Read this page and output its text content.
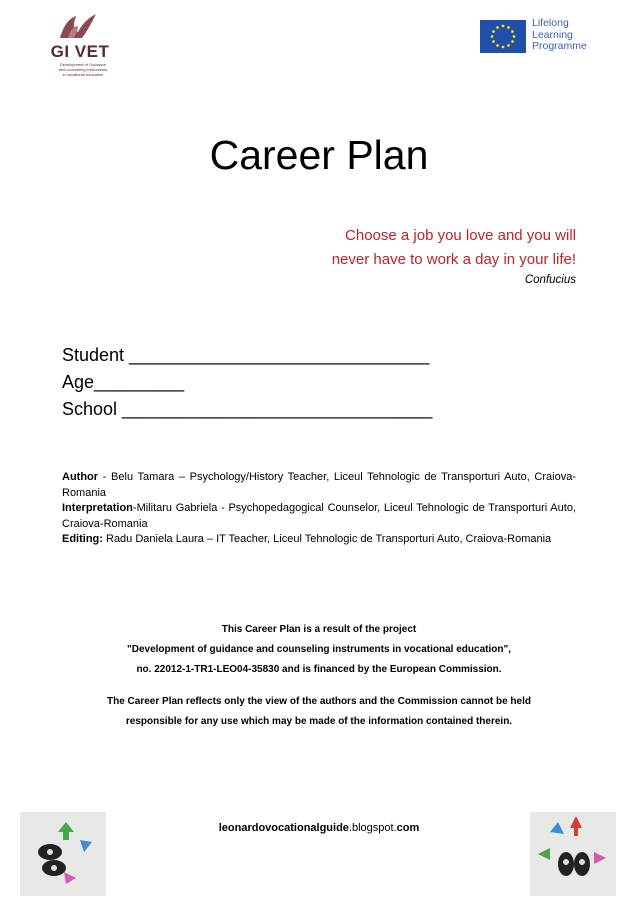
GI VET
Development of Guidance
and counseling instruments
in vocational education
Lifelong
Learning
Programme
Career Plan
Choose a job you love and you will
never have to work a day in your life!
Confucius
Student ______________________________
Age_________
School _______________________________
Author - Belu Tamara – Psychology/History Teacher, Liceul Tehnologic de Transporturi Auto, Craiova-Romania
Interpretation-Militaru Gabriela - Psychopedagogical Counselor, Liceul Tehnologic de Transporturi Auto, Craiova-Romania
Editing: Radu Daniela Laura – IT Teacher, Liceul Tehnologic de Transporturi Auto, Craiova-Romania
This Career Plan is a result of the project
"Development of guidance and counseling instruments in vocational education",
no. 22012-1-TR1-LEO04-35830 and is financed by the European Commission.
The Career Plan reflects only the view of the authors and the Commission cannot be held
responsible for any use which may be made of the information contained therein.
leonardovocationalguide.blogspot.com
